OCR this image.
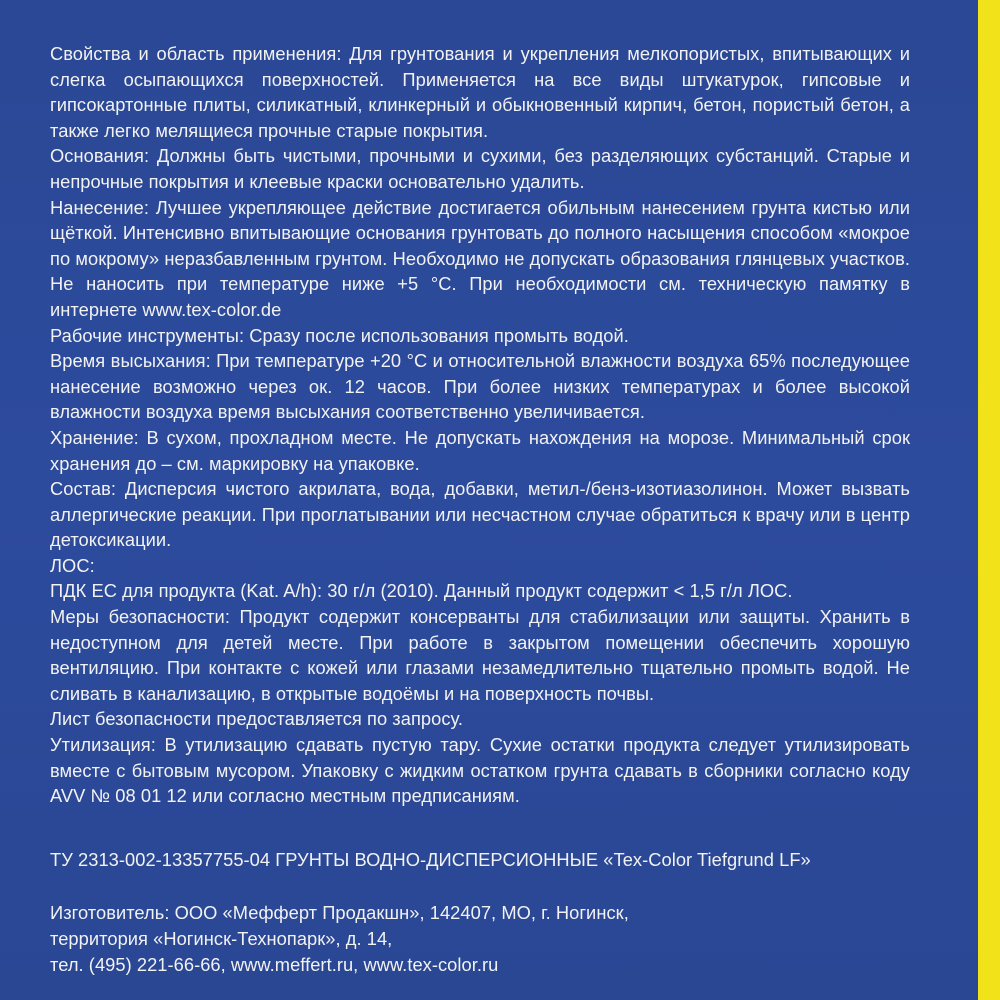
Свойства и область применения: Для грунтования и укрепления мелкопористых, впитывающих и слегка осыпающихся поверхностей. Применяется на все виды штукатурок, гипсовые и гипсокартонные плиты, силикатный, клинкерный и обыкновенный кирпич, бетон, пористый бетон, а также легко мелящиеся прочные старые покрытия.

Основания: Должны быть чистыми, прочными и сухими, без разделяющих субстанций. Старые и непрочные покрытия и клеевые краски основательно удалить.

Нанесение: Лучшее укрепляющее действие достигается обильным нанесением грунта кистью или щёткой. Интенсивно впитывающие основания грунтовать до полного насыщения способом «мокрое по мокрому» неразбавленным грунтом. Необходимо не допускать образования глянцевых участков. Не наносить при температуре ниже +5 °C. При необходимости см. техническую памятку в интернете www.tex-color.de

Рабочие инструменты: Сразу после использования промыть водой.

Время высыхания: При температуре +20 °C и относительной влажности воздуха 65% последующее нанесение возможно через ок. 12 часов. При более низких температурах и более высокой влажности воздуха время высыхания соответственно увеличивается.

Хранение: В сухом, прохладном месте. Не допускать нахождения на морозе. Минимальный срок хранения до – см. маркировку на упаковке.

Состав: Дисперсия чистого акрилата, вода, добавки, метил-/бенз-изотиазолинон. Может вызвать аллергические реакции. При проглатывании или несчастном случае обратиться к врачу или в центр детоксикации.

ЛОС:

ПДК ЕС для продукта (Kat. A/h): 30 г/л (2010). Данный продукт содержит < 1,5 г/л ЛОС.

Меры безопасности: Продукт содержит консерванты для стабилизации или защиты. Хранить в недоступном для детей месте. При работе в закрытом помещении обеспечить хорошую вентиляцию. При контакте с кожей или глазами незамедлительно тщательно промыть водой. Не сливать в канализацию, в открытые водоёмы и на поверхность почвы.

Лист безопасности предоставляется по запросу.

Утилизация: В утилизацию сдавать пустую тару. Сухие остатки продукта следует утилизировать вместе с бытовым мусором. Упаковку с жидким остатком грунта сдавать в сборники согласно коду AVV № 08 01 12 или согласно местным предписаниям.

ТУ 2313-002-13357755-04 ГРУНТЫ ВОДНО-ДИСПЕРСИОННЫЕ «Tex-Color Tiefgrund LF»

Изготовитель: ООО «Мефферт Продакшн», 142407, МО, г. Ногинск,

территория «Ногинск-Технопарк», д. 14,

тел. (495) 221-66-66, www.meffert.ru, www.tex-color.ru
